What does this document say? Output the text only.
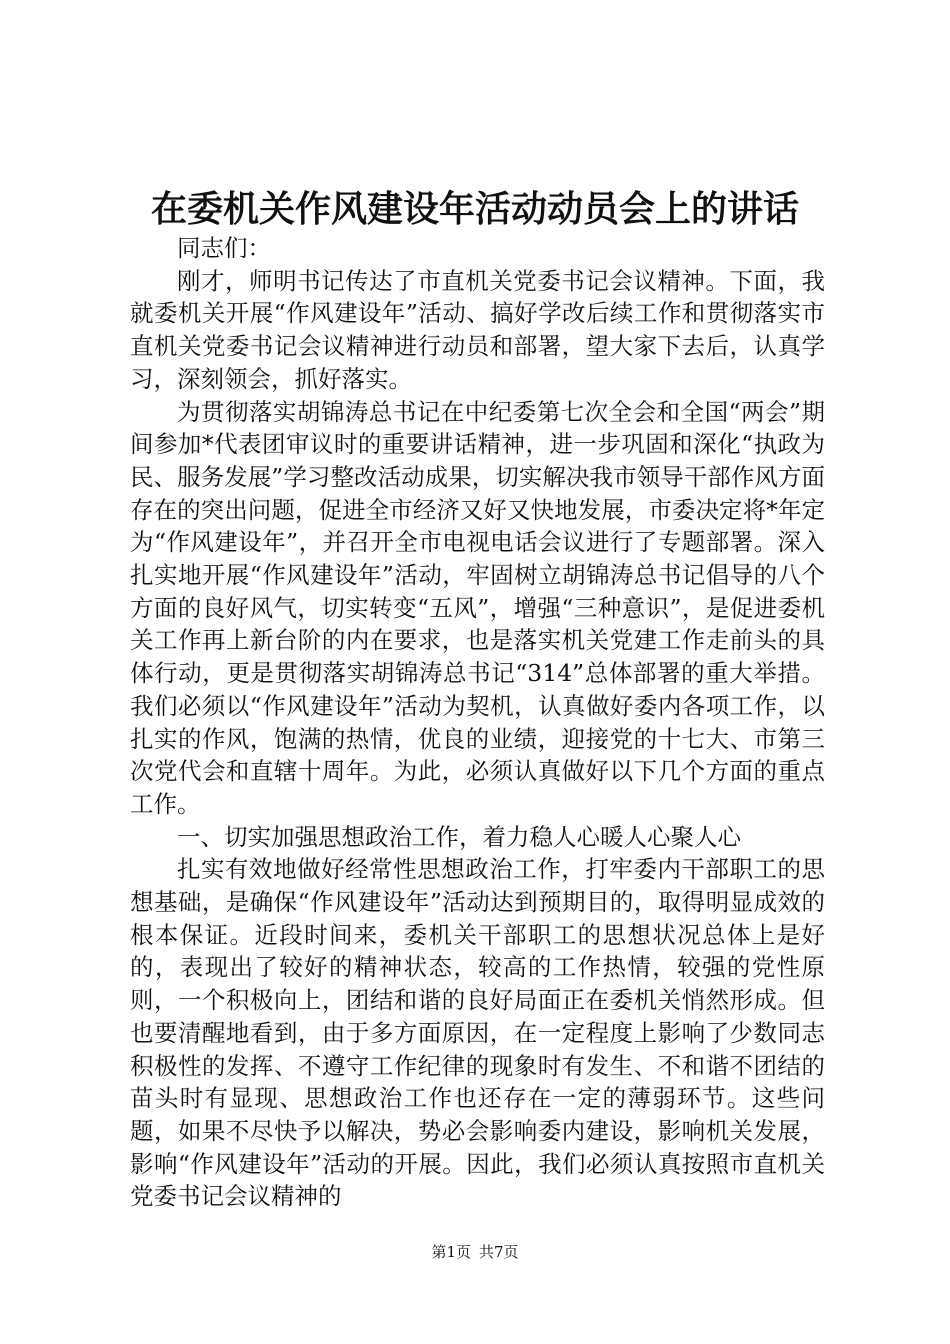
在委机关作风建设年活动动员会上的讲话

同志们：

刚才，师明书记传达了市直机关党委书记会议精神。下面，我就委机关开展“作风建设年”活动、搞好学改后续工作和贯彻落实市直机关党委书记会议精神进行动员和部署，望大家下去后，认真学习，深刻领会，抓好落实。

为贯彻落实胡锦涛总书记在中纪委第七次全会和全国“两会”期间参加*代表团审议时的重要讲话精神，进一步巩固和深化“执政为民、服务发展”学习整改活动成果，切实解决我市领导干部作风方面存在的突出问题，促进全市经济又好又快地发展，市委决定将*年定为“作风建设年”，并召开全市电视电话会议进行了专题部署。深入扎实地开展“作风建设年”活动，牢固树立胡锦涛总书记倡导的八个方面的良好风气，切实转变“五风”，增强“三种意识”，是促进委机关工作再上新台阶的内在要求，也是落实机关党建工作走前头的具体行动，更是贯彻落实胡锦涛总书记“314”总体部署的重大举措。我们必须以“作风建设年”活动为契机，认真做好委内各项工作，以扎实的作风，饱满的热情，优良的业绩，迎接党的十七大、市第三次党代会和直辖十周年。为此，必须认真做好以下几个方面的重点工作。

一、切实加强思想政治工作，着力稳人心暖人心聚人心

扎实有效地做好经常性思想政治工作，打牢委内干部职工的思想基础，是确保“作风建设年”活动达到预期目的，取得明显成效的根本保证。近段时间来，委机关干部职工的思想状况总体上是好的，表现出了较好的精神状态，较高的工作热情，较强的党性原则，一个积极向上，团结和谐的良好局面正在委机关悄然形成。但也要清醒地看到，由于多方面原因，在一定程度上影响了少数同志积极性的发挥、不遵守工作纪律的现象时有发生、不和谐不团结的苗头时有显现、思想政治工作也还存在一定的薄弱环节。这些问题，如果不尽快予以解决，势必会影响委内建设，影响机关发展，影响“作风建设年”活动的开展。因此，我们必须认真按照市直机关党委书记会议精神的

第1页 共7页
